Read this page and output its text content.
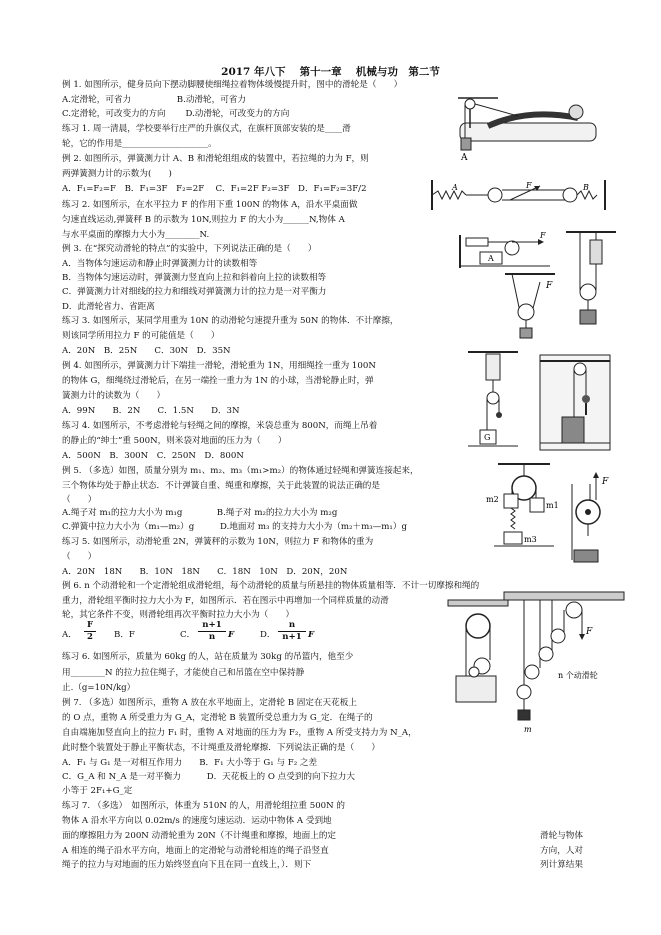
2017 年八下　 第十一章　 机械与功　第二节
例 1. 如图所示，健身员向下摆动脚腰使细绳拉着物体缓慢提升时，图中的滑轮是（　　）
A.定滑轮，可省力　　　　　 B.动滑轮，可省力
C.定滑轮，可改变力的方向　　 D.动滑轮，可改变力的方向
练习 1. 周一清晨，学校要举行庄严的升旗仪式，在旗杆顶部安装的是____滑
轮，它的作用是____________________。
例 2. 如图所示，弹簧测力计 A、B 和滑轮组组成的装置中，若拉绳的力为 F，则
两弹簧测力计的示数为(　　)
A．F₁=F₂=F　B．F₁=3F　F₂=2F　 C．F₁=2F F₂=3F　D．F₁=F₂=3F/2
练习 2. 如图所示，在水平拉力 F 的作用下重 100N 的物体 A，沿水平桌面做
匀速直线运动,弹簧秤 B 的示数为 10N,则拉力 F 的大小为______N,物体 A
与水平桌面的摩擦力大小为________N.
例 3. 在“探究动滑轮的特点”的实验中，下列说法正确的是（　　）
A．当物体匀速运动和静止时弹簧测力计的读数相等
B．当物体匀速运动时，弹簧测力竖直向上拉和斜着向上拉的读数相等
C．弹簧测力计对细线的拉力和细线对弹簧测力计的拉力是一对平衡力
D．此滑轮省力、省距离
练习 3. 如图所示，某同学用重为 10N 的动滑轮匀速提升重为 50N 的物体．不计摩擦，
则该同学所用拉力 F 的可能值是（　　）
A．20N　B．25N　　C．30N　D．35N
例 4. 如图所示，弹簧测力计下端挂一滑轮，滑轮重为 1N，用细绳拴一重为 100N
的物体 G，细绳绕过滑轮后，在另一端拴一重力为 1N 的小球，当滑轮静止时，弹
簧测力计的读数为（　　）
A．99N　　B．2N　　C．1.5N　　D．3N
练习 4. 如图所示，不考虑滑轮与轻绳之间的摩擦，米袋总重为 800N，而绳上吊着
的静止的“绅士”重 500N，则米袋对地面的压力为（　　）
A．500N　B．300N　C．250N　D．800N
例 5. （多选）如图，质量分别为 m₁、m₂、m₃（m₁>m₂）的物体通过轻绳和弹簧连接起来，
三个物体均处于静止状态．不计弹簧自重、绳重和摩擦，关于此装置的说法正确的是
（　　）
A.绳子对 m₁的拉力大小为 m₁g　　　　B.绳子对 m₂的拉力大小为 m₂g
C.弹簧中拉力大小为（m₁—m₂）g　　　D.地面对 m₃ 的支持力大小为（m₂＋m₃—m₁）g
练习 5. 如图所示，动滑轮重 2N，弹簧秤的示数为 10N，则拉力 F 和物体的重为
（　　）
A．20N　18N　　B．10N　18N　　C．18N　10N　D．20N，20N
例 6. n 个动滑轮和一个定滑轮组成滑轮组，每个动滑轮的质量与所悬挂的物体质量相等．不计一切摩擦和绳的
重力，滑轮组平衡时拉力大小为 F，如图所示．若在图示中再增加一个同样质量的动滑
轮，其它条件不变，则滑轮组再次平衡时拉力大小为（　　）
练习 6. 如图所示，质量为 60kg 的人，站在质量为 30kg 的吊篮内，他至少
用________N 的拉力拉住绳子，才能使自己和吊篮在空中保持静
止.（g=10N/kg）
例 7. （多选）如图所示，重物 A 放在水平地面上，定滑轮 B 固定在天花板上
的 O 点，重物 A 所受重力为 G_A，定滑轮 B 装置所受总重力为 G_定．在绳子的
自由端施加竖直向上的拉力 F₁ 时，重物 A 对地面的压力为 F₂，重物 A 所受支持力为 N_A，
此时整个装置处于静止平衡状态，不计绳重及滑轮摩擦．下列说法正确的是（　　）
A．F₁ 与 G₁ 是一对相互作用力　　B．F₁ 大小等于 G₁ 与 F₂ 之差
C．G_A 和 N_A 是一对平衡力　　　D．天花板上的 O 点受到的向下拉力大
小等于 2F₁+G_定
练习 7. （多选）　如图所示，体重为 510N 的人，用滑轮组拉重 500N 的
物体 A 沿水平方向以 0.02m/s 的速度匀速运动．运动中物体 A 受到地
面的摩擦阻力为 200N 动滑轮重为 20N（不计绳重和摩擦，地面上的定
A 相连的绳子沿水平方向，地面上的定滑轮与动滑轮相连的绳子沿竖直
绳子的拉力与对地面的压力始终竖直向下且在同一直线上，）．则下
滑轮与物体
方向，人对
列计算结果
A．
F
2	B．F	C．
n+1
n	F	D．
n
n+1 F
A
A	F	B
F
A
F
G
m2
m1
m3
F
F
m
n 个动滑轮
